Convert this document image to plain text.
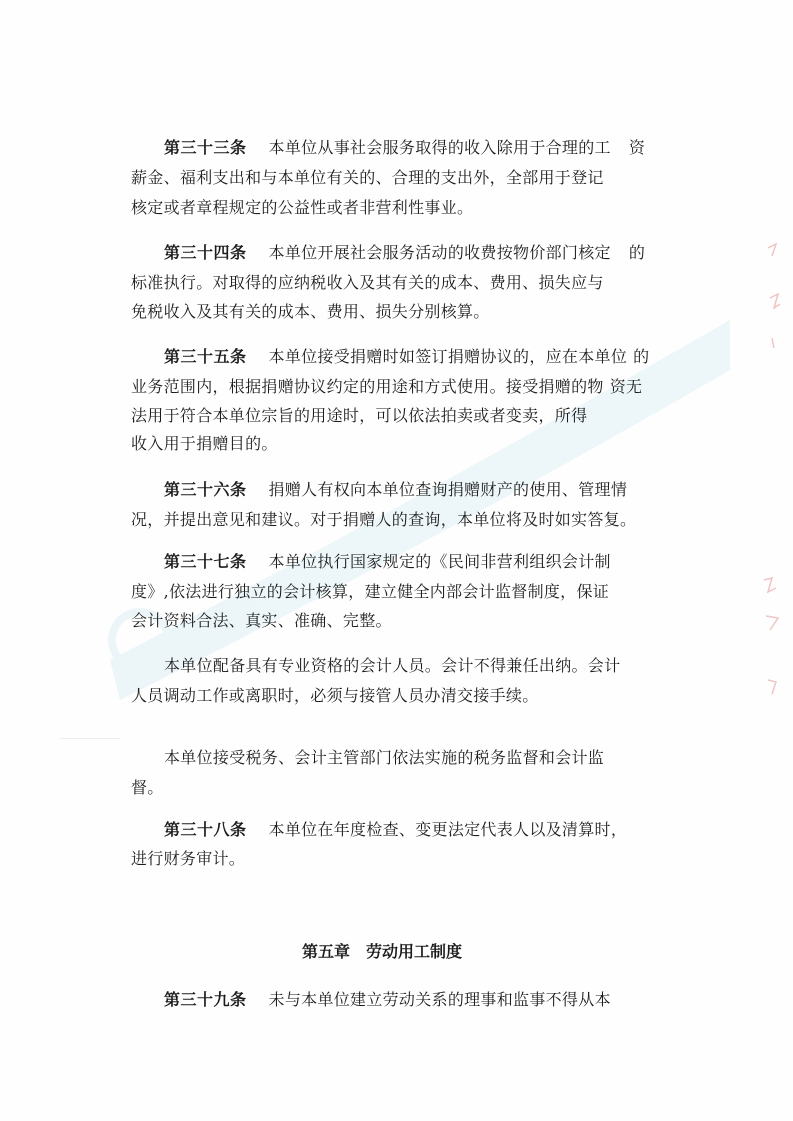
第三十三条 本单位从事社会服务取得的收入除用于合理的工 资
薪金、福利支出和与本单位有关的、合理的支出外，全部用于登记
核定或者章程规定的公益性或者非营利性事业。
第三十四条 本单位开展社会服务活动的收费按物价部门核定 的
标准执行。对取得的应纳税收入及其有关的成本、费用、损失应与
免税收入及其有关的成本、费用、损失分别核算。
第三十五条 本单位接受捐赠时如签订捐赠协议的，应在本单位 的
业务范围内，根据捐赠协议约定的用途和方式使用。接受捐赠的物 资无
法用于符合本单位宗旨的用途时，可以依法拍卖或者变卖，所得
收入用于捐赠目的。
第三十六条 捐赠人有权向本单位查询捐赠财产的使用、管理情
况，并提出意见和建议。对于捐赠人的查询，本单位将及时如实答复。
第三十七条 本单位执行国家规定的《民间非营利组织会计制
度》,依法进行独立的会计核算，建立健全内部会计监督制度，保证
会计资料合法、真实、准确、完整。
本单位配备具有专业资格的会计人员。会计不得兼任出纳。会计
人员调动工作或离职时，必须与接管人员办清交接手续。
本单位接受税务、会计主管部门依法实施的税务监督和会计监
督。
第三十八条 本单位在年度检查、变更法定代表人以及清算时，
进行财务审计。
第五章　劳动用工制度
第三十九条 未与本单位建立劳动关系的理事和监事不得从本
